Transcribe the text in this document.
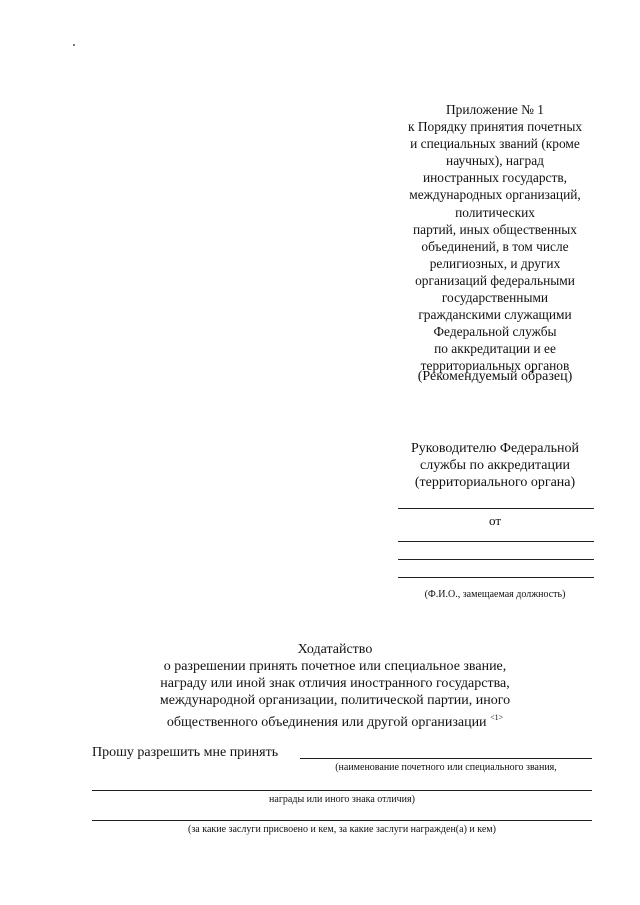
Приложение № 1
к Порядку принятия почетных
и специальных званий (кроме
научных), наград
иностранных государств,
международных организаций,
политических
партий, иных общественных
объединений, в том числе
религиозных, и других
организаций федеральными
государственными
гражданскими служащими
Федеральной службы
по аккредитации и ее
территориальных органов
(Рекомендуемый образец)
Руководителю Федеральной
службы по аккредитации
(территориального органа)
от
(Ф.И.О., замещаемая должность)
Ходатайство
о разрешении принять почетное или специальное звание,
награду или иной знак отличия иностранного государства,
международной организации, политической партии, иного
общественного объединения или другой организации $^{<1>}$
Прошу разрешить мне принять
(наименование почетного или специального звания,
награды или иного знака отличия)
(за какие заслуги присвоено и кем, за какие заслуги награжден(а) и кем)
